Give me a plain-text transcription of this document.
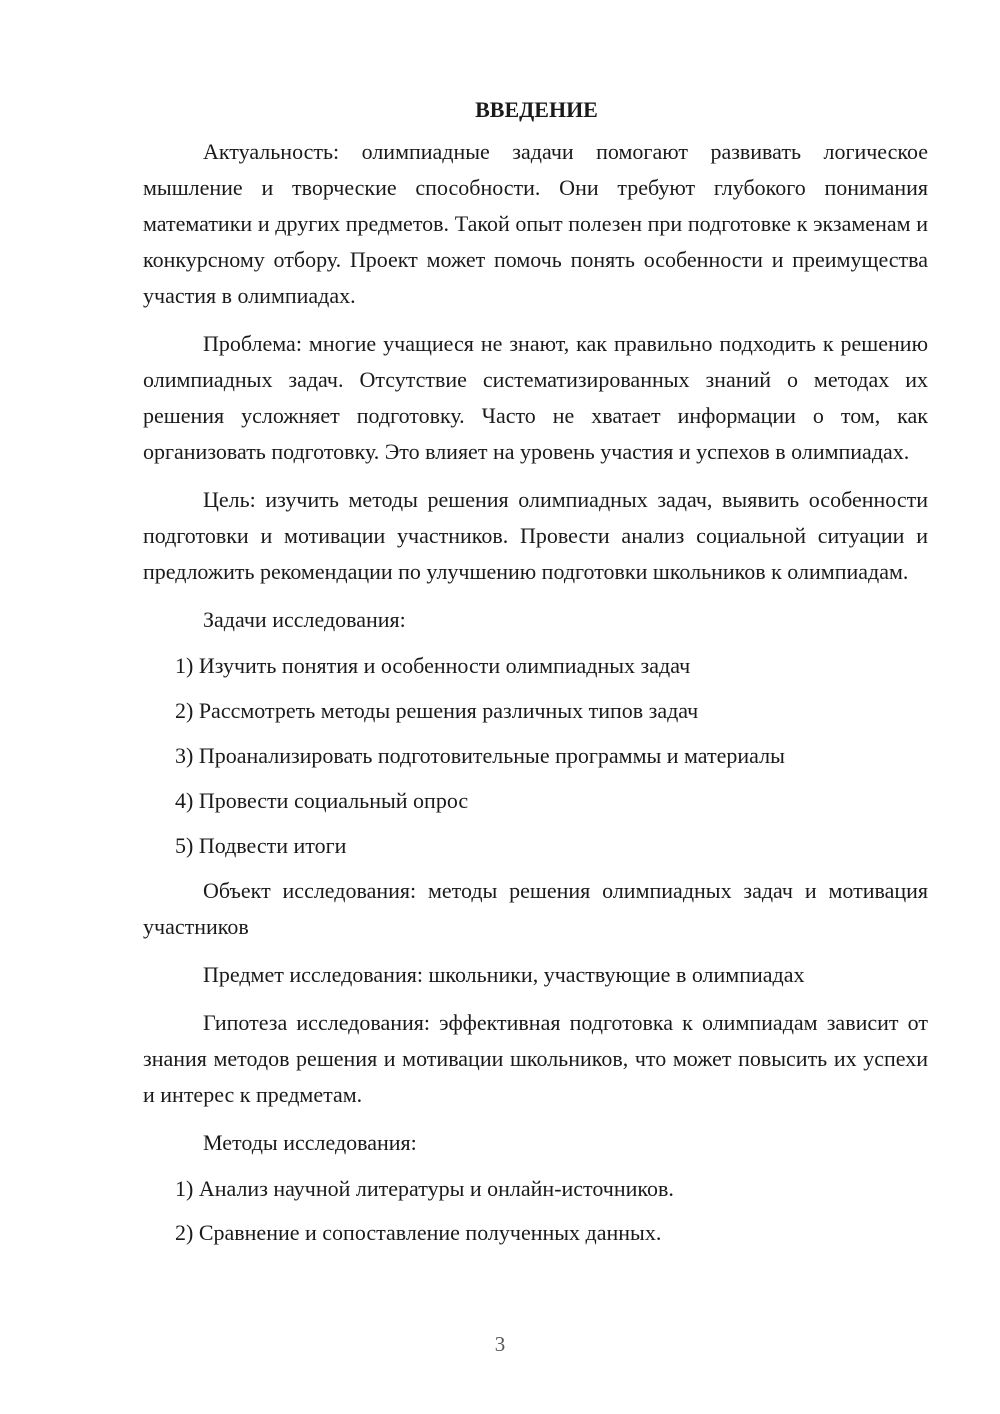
ВВЕДЕНИЕ

Актуальность: олимпиадные задачи помогают развивать логическое мышление и творческие способности. Они требуют глубокого понимания математики и других предметов. Такой опыт полезен при подготовке к экзаменам и конкурсному отбору. Проект может помочь понять особенности и преимущества участия в олимпиадах.

Проблема: многие учащиеся не знают, как правильно подходить к решению олимпиадных задач. Отсутствие систематизированных знаний о методах их решения усложняет подготовку. Часто не хватает информации о том, как организовать подготовку. Это влияет на уровень участия и успехов в олимпиадах.

Цель: изучить методы решения олимпиадных задач, выявить особенности подготовки и мотивации участников. Провести анализ социальной ситуации и предложить рекомендации по улучшению подготовки школьников к олимпиадам.

Задачи исследования:

1) Изучить понятия и особенности олимпиадных задач
2) Рассмотреть методы решения различных типов задач
3) Проанализировать подготовительные программы и материалы
4) Провести социальный опрос
5) Подвести итоги

Объект исследования: методы решения олимпиадных задач и мотивация участников

Предмет исследования: школьники, участвующие в олимпиадах

Гипотеза исследования: эффективная подготовка к олимпиадам зависит от знания методов решения и мотивации школьников, что может повысить их успехи и интерес к предметам.

Методы исследования:

1) Анализ научной литературы и онлайн-источников.
2) Сравнение и сопоставление полученных данных.
3
